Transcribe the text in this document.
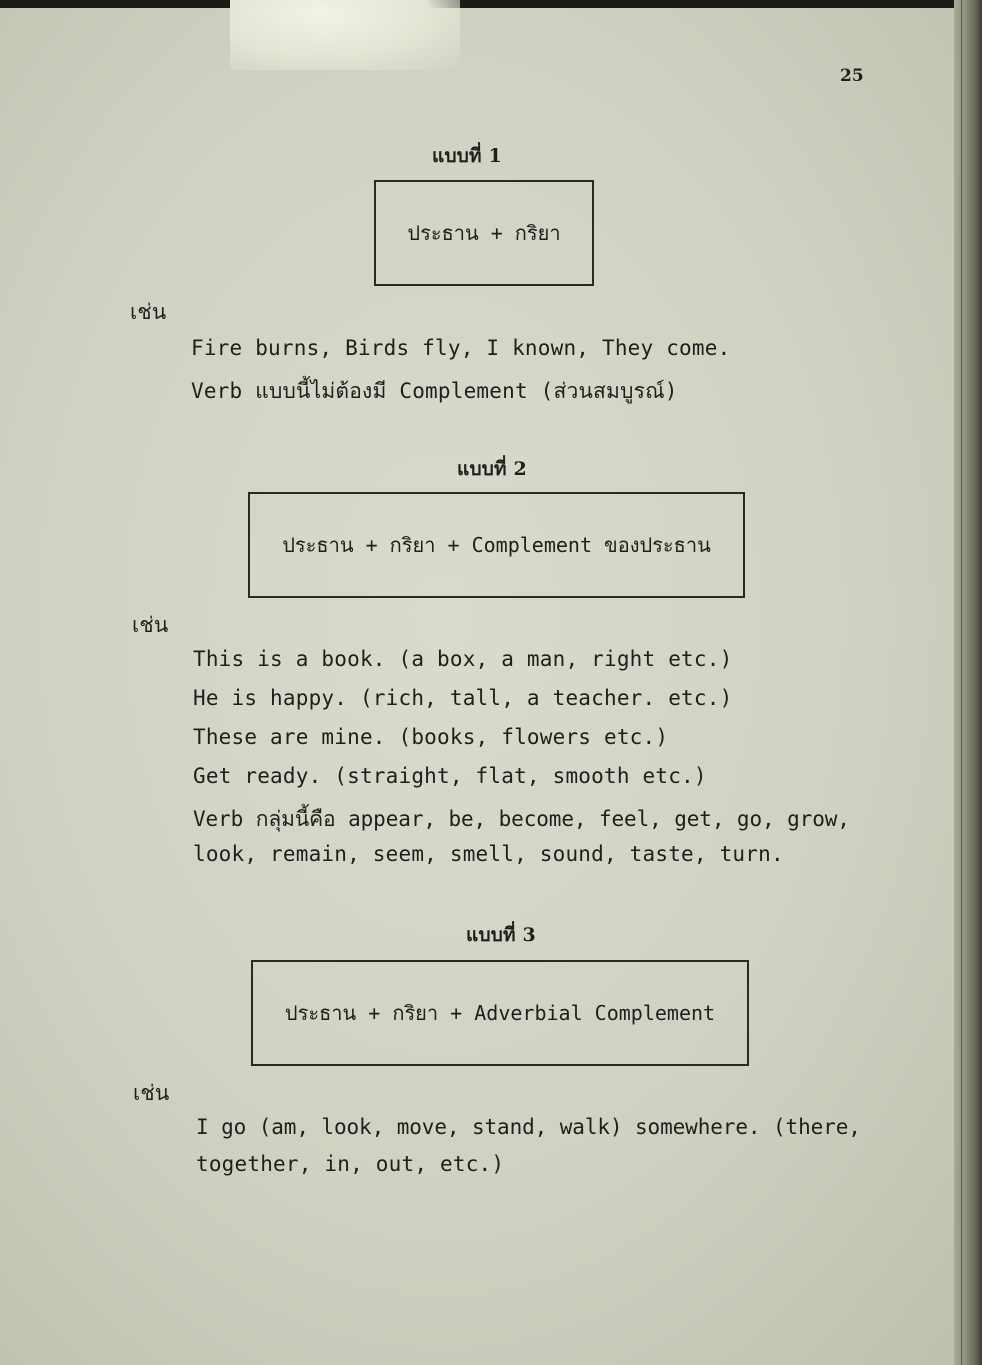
25
แบบที่ 1
ประธาน + กริยา
เช่น
Fire burns, Birds fly, I known, They come.
Verb แบบนี้ไม่ต้องมี Complement (ส่วนสมบูรณ์)
แบบที่ 2
ประธาน + กริยา + Complement ของประธาน
เช่น
This is a book. (a box, a man, right etc.)
He is happy. (rich, tall, a teacher. etc.)
These are mine. (books, flowers etc.)
Get ready. (straight, flat, smooth etc.)
Verb กลุ่มนี้คือ appear, be, become, feel, get, go, grow,
look, remain, seem, smell, sound, taste, turn.
แบบที่ 3
ประธาน + กริยา + Adverbial Complement
เช่น
I go (am, look, move, stand, walk) somewhere. (there,
together, in, out, etc.)
